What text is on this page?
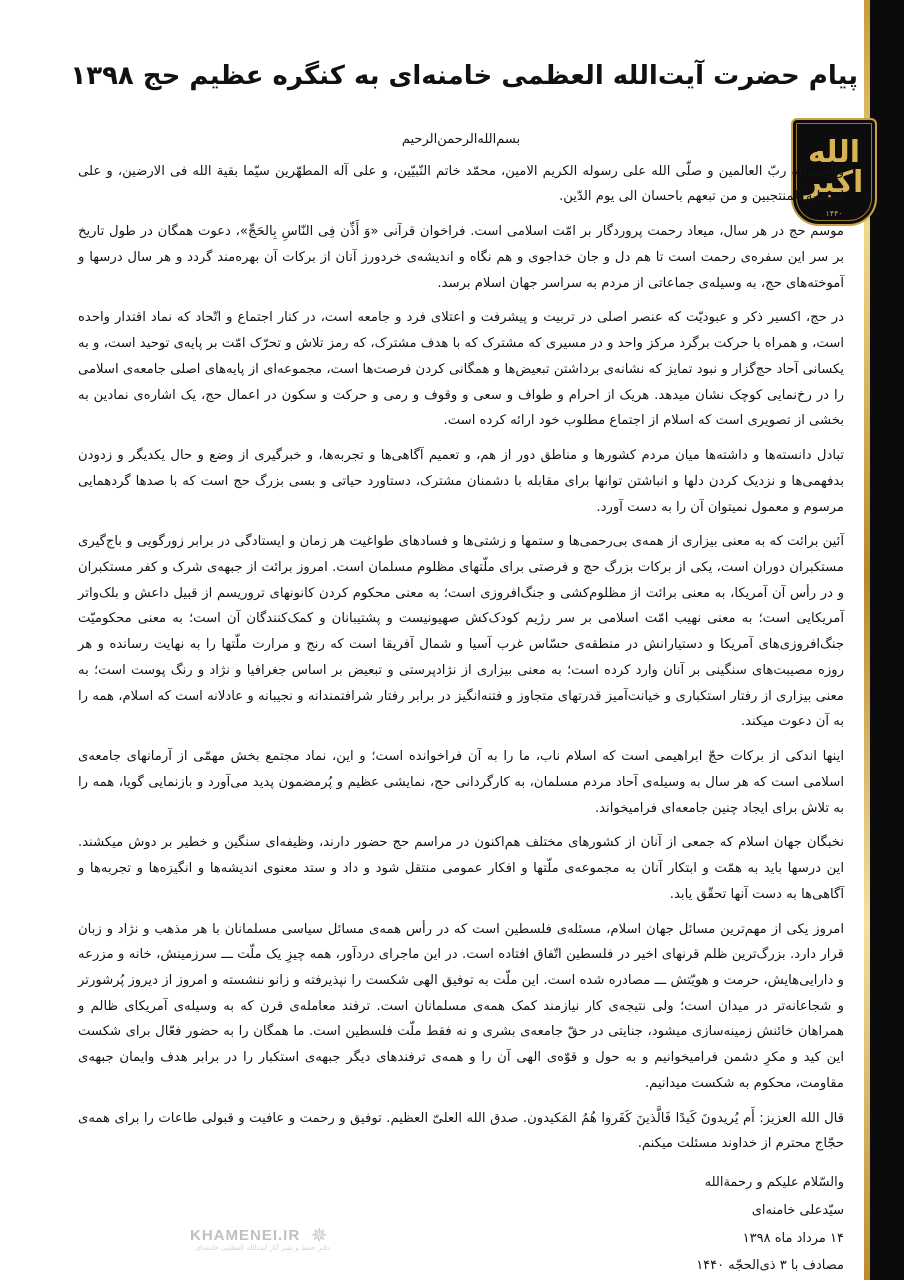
پیام حضرت آیت‌الله العظمی خامنه‌ای به کنگره عظیم حج ۱۳۹۸
الله اکبر
۱۴۴۰

بسم‌الله‌الرحمن‌الرحیم

والحمدلله ربّ العالمین و صلّی الله علی رسوله الکریم الامین، محمّد خاتم النّبیّین، و علی آله المطهّرین سیّما بقیة الله فی الارضین، و علی اصحابه المنتجبین و من تبعهم باحسان الی یوم الدّین.

موسم حج در هر سال، میعاد رحمت پروردگار بر امّت اسلامی است. فراخوان قرآنی «وَ أَذِّن فِی النّاسِ بِالحَجِّ»، دعوت همگان در طول تاریخ بر سر این سفره‌ی رحمت است تا هم دل و جان خداجوی و هم نگاه و اندیشه‌ی خردورز آنان از برکات آن بهره‌مند گردد و هر سال درسها و آموخته‌های حج، به وسیله‌ی جماعاتی از مردم به سراسر جهان اسلام برسد.

در حج، اکسیر ذکر و عبودیّت که عنصر اصلی در تربیت و پیشرفت و اعتلای فرد و جامعه است، در کنار اجتماع و اتّحاد که نماد اقتدار واحده است، و همراه با حرکت برگرد مرکز واحد و در مسیری که مشترک که با هدف مشترک، که رمز تلاش و تحرّک امّت بر پایه‌ی توحید است، و به یکسانی آحاد حج‌گزار و نبود تمایز که نشانه‌ی برداشتن تبعیض‌ها و همگانی کردن فرصت‌ها است، مجموعه‌ای از پایه‌های اصلی جامعه‌ی اسلامی را در رخ‌نمایی کوچک نشان میدهد. هریک از احرام و طواف و سعی و وقوف و رمی و حرکت و سکون در اعمال حج، یک اشاره‌ی نمادین به بخشی از تصویری است که اسلام از اجتماع مطلوب خود ارائه کرده است.

تبادل دانسته‌ها و داشته‌ها میان مردم کشورها و مناطق دور از هم، و تعمیم آگاهی‌ها و تجربه‌ها، و خبرگیری از وضع و حال یکدیگر و زدودن بدفهمی‌ها و نزدیک کردن دلها و انباشتن توانها برای مقابله با دشمنان مشترک، دستاورد حیاتی و بسی بزرگ حج است که با صدها گردهمایی مرسوم و معمول نمیتوان آن را به دست آورد.

آئین برائت که به معنی بیزاری از همه‌ی بی‌رحمی‌ها و ستمها و زشتی‌ها و فسادهای طواغیت هر زمان و ایستادگی در برابر زورگویی و باج‌گیری مستکبران دوران است، یکی از برکات بزرگ حج و فرصتی برای ملّتهای مظلوم مسلمان است. امروز برائت از جبهه‌ی شرک و کفر مستکبران و در رأس آن آمریکا، به معنی برائت از مظلوم‌کشی و جنگ‌افروزی است؛ به معنی محکوم کردن کانونهای تروریسم از قبیل داعش و بلک‌واتر آمریکایی است؛ به معنی نهیب امّت اسلامی بر سر رژیم کودک‌کش صهیونیست و پشتیبانان و کمک‌کنندگان آن است؛ به معنی محکومیّت جنگ‌افروزی‌های آمریکا و دستیارانش در منطقه‌ی حسّاس غرب آسیا و شمال آفریقا است که رنج و مرارت ملّتها را به نهایت رسانده و هر روزه مصیبت‌های سنگینی بر آنان وارد کرده است؛ به معنی بیزاری از نژادپرستی و تبعیض بر اساس جغرافیا و نژاد و رنگ پوست است؛ به معنی بیزاری از رفتار استکباری و خیانت‌آمیز قدرتهای متجاوز و فتنه‌انگیز در برابر رفتار شرافتمندانه و نجیبانه و عادلانه است که اسلام، همه را به آن دعوت میکند.

اینها اندکی از برکات حجّ ابراهیمی است که اسلام ناب، ما را به آن فراخوانده است؛ و این، نماد مجتمع بخش مهمّی از آرمانهای جامعه‌ی اسلامی است که هر سال به وسیله‌ی آحاد مردم مسلمان، به کارگردانی حج، نمایشی عظیم و پُرمضمون پدید می‌آورد و بازنمایی گویا، همه را به تلاش برای ایجاد چنین جامعه‌ای فرامیخواند.

نخبگان جهان اسلام که جمعی از آنان از کشورهای مختلف هم‌اکنون در مراسم حج حضور دارند، وظیفه‌ای سنگین و خطیر بر دوش میکشند. این درسها باید به همّت و ابتکار آنان به مجموعه‌ی ملّتها و افکار عمومی منتقل شود و داد و ستد معنوی اندیشه‌ها و انگیزه‌ها و تجربه‌ها و آگاهی‌ها به دست آنها تحقّق یابد.

امروز یکی از مهم‌ترین مسائل جهان اسلام، مسئله‌ی فلسطین است که در رأس همه‌ی مسائل سیاسی مسلمانان با هر مذهب و نژاد و زبان قرار دارد. بزرگ‌ترین ظلم قرنهای اخیر در فلسطین اتّفاق افتاده است. در این ماجرای دردآور، همه چیزِ یک ملّت ـــ سرزمینش، خانه و مزرعه و دارایی‌هایش، حرمت و هویّتش ـــ مصادره شده است. این ملّت به توفیق الهی شکست را نپذیرفته و زانو ننشسته و امروز از دیروز پُرشورتر و شجاعانه‌تر در میدان است؛ ولی نتیجه‌ی کار نیازمند کمک همه‌ی مسلمانان است. ترفند معامله‌ی قرن که به وسیله‌ی آمریکای ظالم و همراهان خائنش زمینه‌سازی میشود، جنایتی در حقّ جامعه‌ی بشری و نه فقط ملّت فلسطین است. ما همگان را به حضور فعّال برای شکست این کید و مکرِ دشمن فرامیخوانیم و به حول و قوّه‌ی الهی آن را و همه‌ی ترفندهای دیگر جبهه‌ی استکبار را در برابر هدف وایمان جبهه‌ی مقاومت، محکوم به شکست میدانیم.

قال الله العزیز: أَم یُریدونَ کَیدًا فَالَّذینَ کَفَروا هُمُ المَکیدون. صدق الله العلیّ العظیم. توفیق و رحمت و عافیت و قبولی طاعات را برای همه‌ی حجّاج محترم از خداوند مسئلت میکنم.

والسّلام علیکم و رحمةالله

سیّدعلی خامنه‌ای

۱۴ مرداد ماه ۱۳۹۸

مصادف با ۳ ذی‌الحجّه ۱۴۴۰

✵
KHAMENEI.IR
دفتر حفظ و نشر آثار آیت‌الله العظمی خامنه‌ای
